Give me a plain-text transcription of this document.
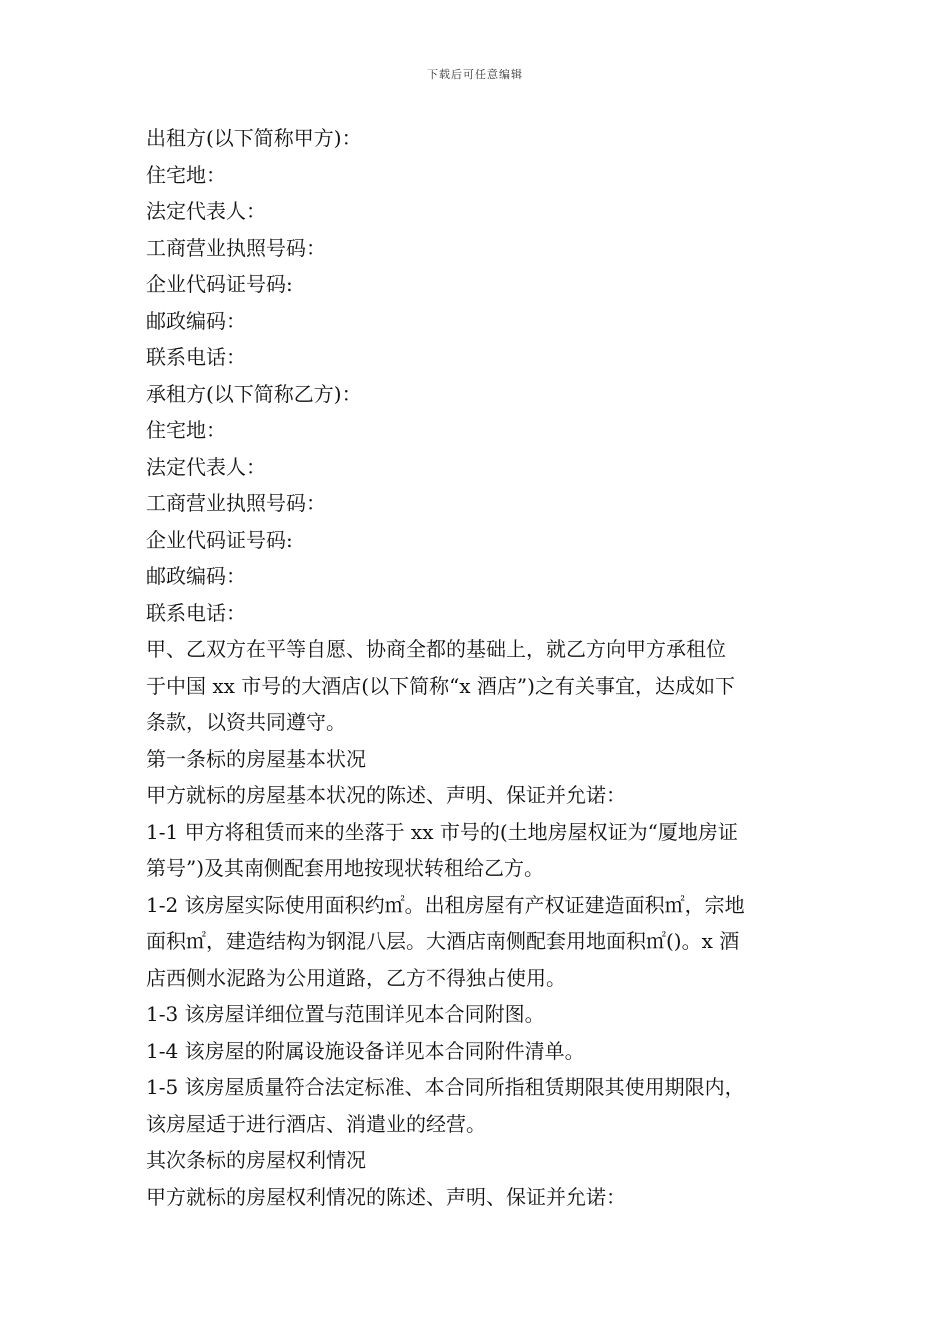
下载后可任意编辑
出租方(以下简称甲方)：
住宅地：
法定代表人：
工商营业执照号码：
企业代码证号码:
邮政编码：
联系电话：
承租方(以下简称乙方)：
住宅地：
法定代表人：
工商营业执照号码：
企业代码证号码:
邮政编码：
联系电话：

甲、乙双方在平等自愿、协商全都的基础上，就乙方向甲方承租位
于中国 xx 市号的大酒店(以下简称“x 酒店”)之有关事宜，达成如下
条款，以资共同遵守。

第一条标的房屋基本状况
甲方就标的房屋基本状况的陈述、声明、保证并允诺：

1-1 甲方将租赁而来的坐落于 xx 市号的(土地房屋权证为“厦地房证
第号”)及其南侧配套用地按现状转租给乙方。

1-2 该房屋实际使用面积约㎡。出租房屋有产权证建造面积㎡，宗地
面积㎡，建造结构为钢混八层。大酒店南侧配套用地面积㎡()。x 酒
店西侧水泥路为公用道路，乙方不得独占使用。

1-3 该房屋详细位置与范围详见本合同附图。
1-4 该房屋的附属设施设备详见本合同附件清单。

1-5 该房屋质量符合法定标准、本合同所指租赁期限其使用期限内，
该房屋适于进行酒店、消遣业的经营。

其次条标的房屋权利情况
甲方就标的房屋权利情况的陈述、声明、保证并允诺：
